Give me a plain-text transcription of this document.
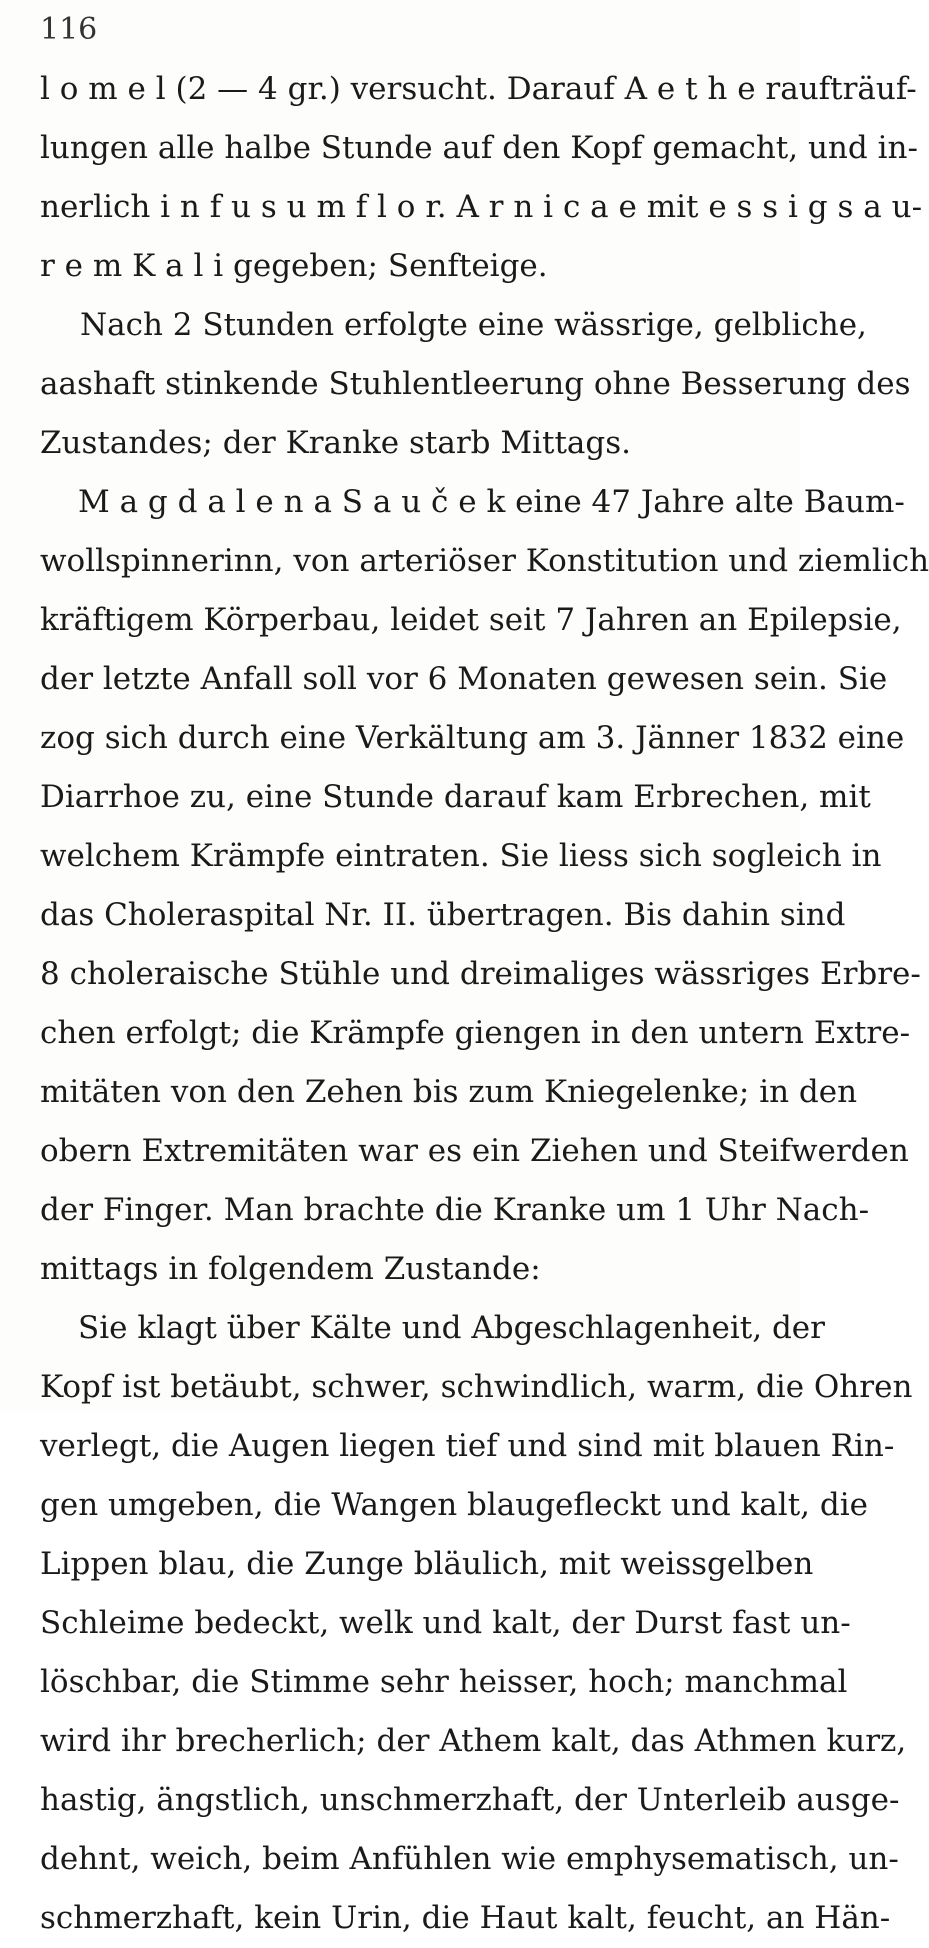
116
l o m e l (2 — 4 gr.) versucht. Darauf A e t h e raufträuf-
lungen alle halbe Stunde auf den Kopf gemacht, und in-
nerlich i n f u s u m f l o r. A r n i c a e mit e s s i g s a u-
r e m K a l i gegeben; Senfteige.
Nach 2 Stunden erfolgte eine wässrige, gelbliche,
aashaft stinkende Stuhlentleerung ohne Besserung des
Zustandes; der Kranke starb Mittags.
M a g d a l e n a S a u č e k eine 47 Jahre alte Baum-
wollspinnerinn, von arteriöser Konstitution und ziemlich
kräftigem Körperbau, leidet seit 7 Jahren an Epilepsie,
der letzte Anfall soll vor 6 Monaten gewesen sein. Sie
zog sich durch eine Verkältung am 3. Jänner 1832 eine
Diarrhoe zu, eine Stunde darauf kam Erbrechen, mit
welchem Krämpfe eintraten. Sie liess sich sogleich in
das Choleraspital Nr. II. übertragen. Bis dahin sind
8 choleraische Stühle und dreimaliges wässriges Erbre-
chen erfolgt; die Krämpfe giengen in den untern Extre-
mitäten von den Zehen bis zum Kniegelenke; in den
obern Extremitäten war es ein Ziehen und Steifwerden
der Finger. Man brachte die Kranke um 1 Uhr Nach-
mittags in folgendem Zustande:
Sie klagt über Kälte und Abgeschlagenheit, der
Kopf ist betäubt, schwer, schwindlich, warm, die Ohren
verlegt, die Augen liegen tief und sind mit blauen Rin-
gen umgeben, die Wangen blaugefleckt und kalt, die
Lippen blau, die Zunge bläulich, mit weissgelben
Schleime bedeckt, welk und kalt, der Durst fast un-
löschbar, die Stimme sehr heisser, hoch; manchmal
wird ihr brecherlich; der Athem kalt, das Athmen kurz,
hastig, ängstlich, unschmerzhaft, der Unterleib ausge-
dehnt, weich, beim Anfühlen wie emphysematisch, un-
schmerzhaft, kein Urin, die Haut kalt, feucht, an Hän-
